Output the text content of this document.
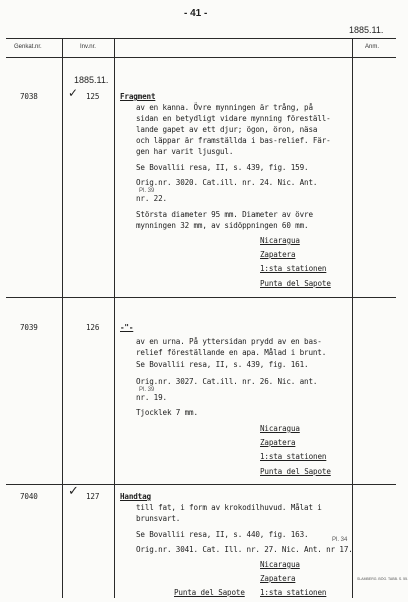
- 41 -
1885.11.
Genkat.nr.	Inv.nr.	Anm.
1885.11.
7038	✓ 125	Fragment
av en kanna. Övre mynningen är trång, på
sidan en betydligt vidare mynning föreställ-
lande gapet av ett djur; ögon, öron, näsa
och läppar är framställda i bas-relief. Fär-
gen har varit ljusgul.
Se Bovallii resa, II, s. 439, fig. 159.
Orig.nr. 3020. Cat.ill. nr. 24. Nic. Ant.
Pl. 39
nr. 22.
Största diameter 95 mm. Diameter av övre
mynningen 32 mm, av sidöppningen 60 mm.
Nicaragua
Zapatera
1:sta stationen
Punta del Sapote
7039	126	-"-
av en urna. På yttersidan prydd av en bas-
relief föreställande en apa. Målad i brunt.
Se Bovallii resa, II, s. 439, fig. 161.
Orig.nr. 3027. Cat.ill. nr. 26. Nic. ant.
Pl. 39
nr. 19.
Tjocklek 7 mm.
Nicaragua
Zapatera
1:sta stationen
Punta del Sapote
7040 ✓ 127	Handtag
till fat, i form av krokodilhuvud. Målat i
brunsvart.
Se Bovallii resa, II, s. 440, fig. 163.
Orig.nr. 3041. Cat. Ill. nr. 27. Nic. Ant. nr 17.
Pl. 34
Nicaragua
Zapatera
Punta del Sapote 1:sta stationen
SLAMBERG. BÖG. TABB. S. 55.
